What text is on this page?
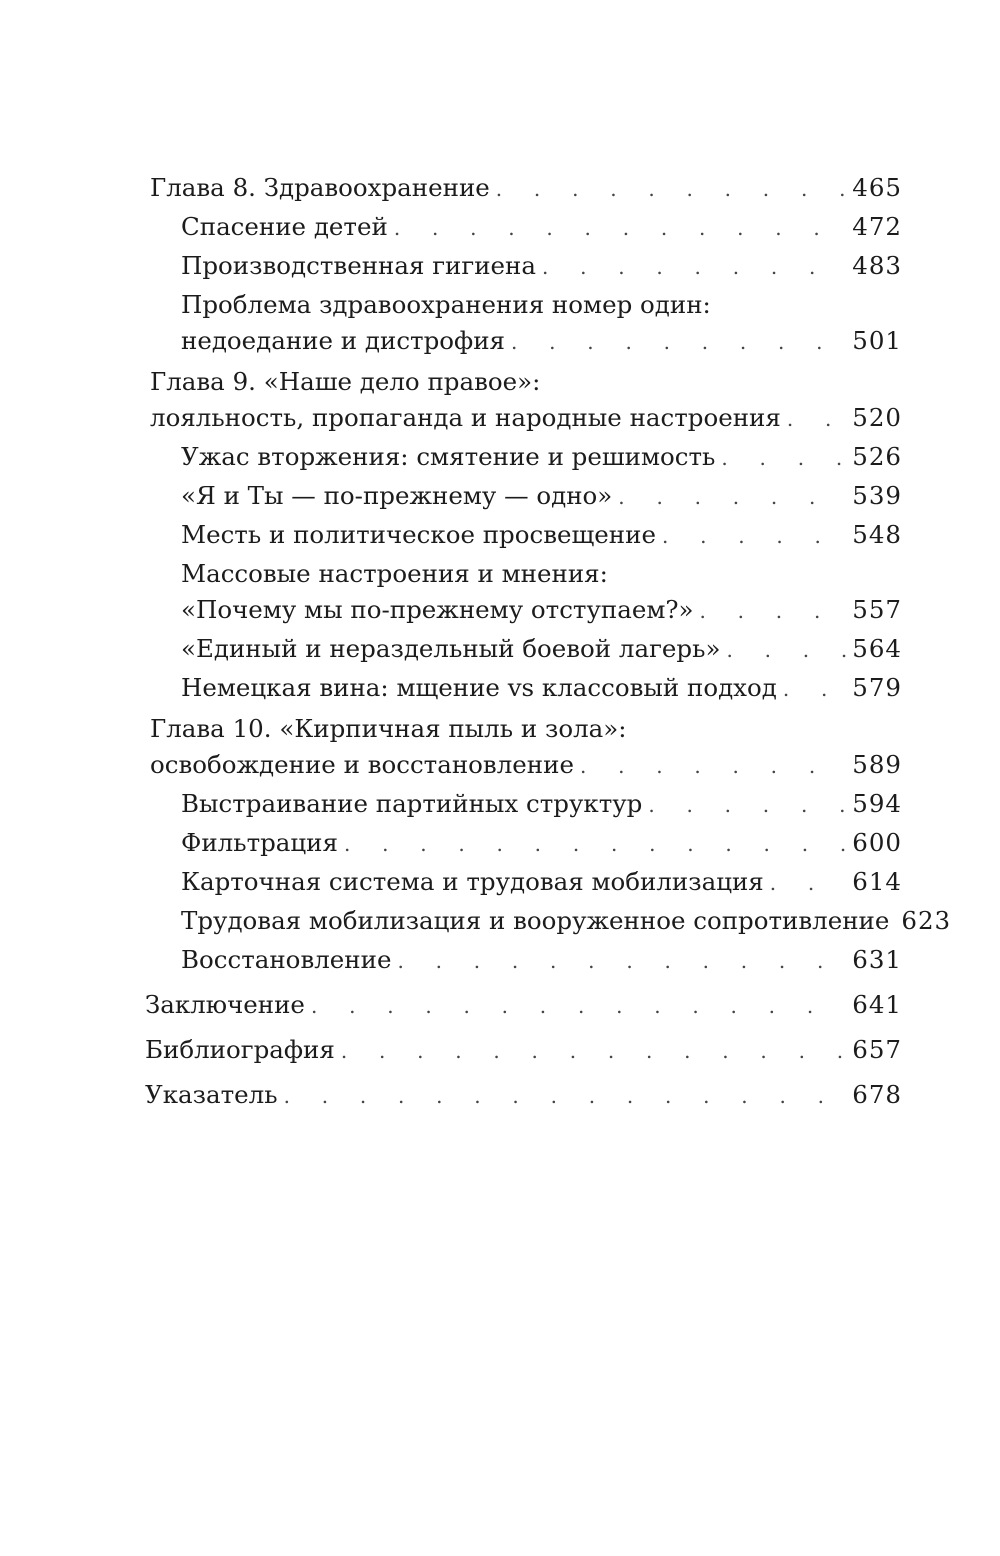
Глава 8. Здравоохранение .	465
Спасение детей .	472
Производственная гигиена .	483
Проблема здравоохранения номер один:
недоедание и дистрофия .	501
Глава 9. «Наше дело правое»:
лояльность, пропаганда и народные настроения .	520
Ужас вторжения: смятение и решимость .	526
«Я и Ты — по-прежнему — одно» .	539
Месть и политическое просвещение .	548
Массовые настроения и мнения:
«Почему мы по-прежнему отступаем?» .	557
«Единый и нераздельный боевой лагерь» .	564
Немецкая вина: мщение vs классовый подход .	579
Глава 10. «Кирпичная пыль и зола»:
освобождение и восстановление .	589
Выстраивание партийных структур .	594
Фильтрация .	600
Карточная система и трудовая мобилизация .	614
Трудовая мобилизация и вооруженное сопротивление 623
Восстановление .	631
Заключение .	641
Библиография .	657
Указатель .	678
